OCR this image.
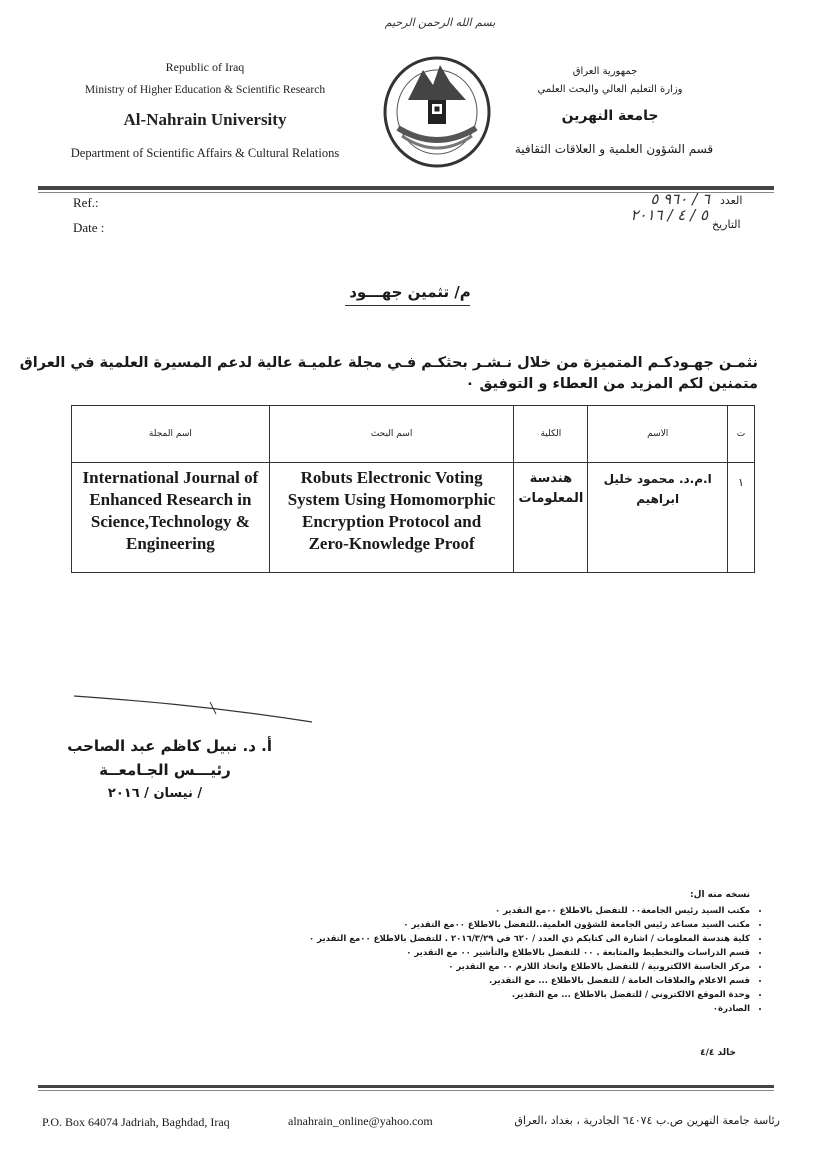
بسم الله الرحمن الرحيم
Republic of Iraq
Ministry of Higher Education & Scientific Research
Al-Nahrain University
Department of Scientific Affairs & Cultural Relations
جمهورية العراق
وزارة التعليم العالي والبحث العلمي
جامعة النهرين
قسم الشؤون العلمية و العلاقات الثقافية
Ref.:
Date :
العدد
٦ / ٩٦٠ ٥
التاريخ
٥ / ٤ / ٢٠١٦
م/ تثمين جهـــود
نثمـن جهـودكـم المتميزة من خلال نـشـر بحثكـم فـي مجلة علميـة عالية لدعم المسيرة العلمية في العراق
متمنين لكم المزيد من العطاء و التوفيق ٠
اسم المجلة	اسم البحث	الكلية	الاسم	ت
International Journal of Enhanced Research in Science,Technology & Engineering	Robuts Electronic Voting System Using Homomorphic Encryption Protocol and Zero-Knowledge Proof	هندسة المعلومات	ا.م.د. محمود خليل ابراهيم	١
أ. د. نبيل كاظم عبد الصاحب
رئيـــس الجـامعــة
/ نيسان / ٢٠١٦
نسخه منه ال:
• مكتب السيد رئيس الجامعة٠٠ للتفضل بالاطلاع ٠٠مع التقدير ٠
• مكتب السيد مساعد رئيس الجامعة للشؤون العلمية..للتفضل بالاطلاع ٠٠مع التقدير ٠
• كلية هندسة المعلومات / اشارة الى كتابكم ذي العدد / ٦٢٠ في ٢٠١٦/٣/٢٩ . للتفضل بالاطلاع ٠٠مع التقدير ٠
• قسم الدراسات والتخطيط والمتابعة . ٠٠ للتفضل بالاطلاع والتأشير ٠٠ مع التقدير ٠
• مركز الحاسبة الالكترونية / للتفضل بالاطلاع واتخاذ اللازم ٠٠ مع التقدير ٠
• قسم الاعلام والعلاقات العامة / للتفضل بالاطلاع ... مع التقدير.
• وحدة الموقع الالكتروني / للتفضل بالاطلاع ... مع التقدير.
• الصادرة٠
خالد ٤/٤
P.O. Box 64074 Jadriah, Baghdad, Iraq	alnahrain_online@yahoo.com	رئاسة جامعة النهرين ص.ب ٦٤٠٧٤ الجادرية ، بغداد ،العراق
